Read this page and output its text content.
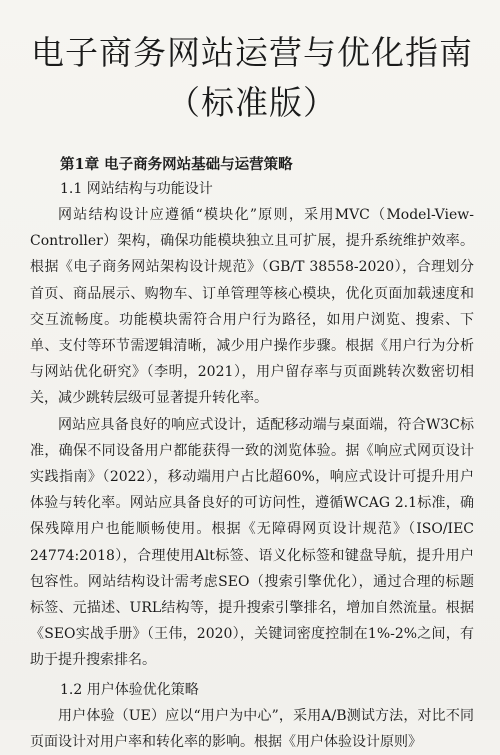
电子商务网站运营与优化指南
（标准版）
第1章 电子商务网站基础与运营策略
1.1 网站结构与功能设计

网站结构设计应遵循“模块化”原则，采用MVC（Model-View-Controller）架构，确保功能模块独立且可扩展，提升系统维护效率。根据《电子商务网站架构设计规范》（GB/T 38558-2020），合理划分首页、商品展示、购物车、订单管理等核心模块，优化页面加载速度和交互流畅度。功能模块需符合用户行为路径，如用户浏览、搜索、下单、支付等环节需逻辑清晰，减少用户操作步骤。根据《用户行为分析与网站优化研究》（李明，2021），用户留存率与页面跳转次数密切相关，减少跳转层级可显著提升转化率。

网站应具备良好的响应式设计，适配移动端与桌面端，符合W3C标准，确保不同设备用户都能获得一致的浏览体验。据《响应式网页设计实践指南》（2022），移动端用户占比超60%，响应式设计可提升用户体验与转化率。网站应具备良好的可访问性，遵循WCAG 2.1标准，确保残障用户也能顺畅使用。根据《无障碍网页设计规范》（ISO/IEC 24774:2018），合理使用Alt标签、语义化标签和键盘导航，提升用户包容性。网站结构设计需考虑SEO（搜索引擎优化），通过合理的标题标签、元描述、URL结构等，提升搜索引擎排名，增加自然流量。根据《SEO实战手册》（王伟，2020），关键词密度控制在1%-2%之间，有助于提升搜索排名。

1.2 用户体验优化策略

用户体验（UE）应以“用户为中心”，采用A/B测试方法，对比不同页面设计对用户率和转化率的影响。根据《用户体验设计原则》
